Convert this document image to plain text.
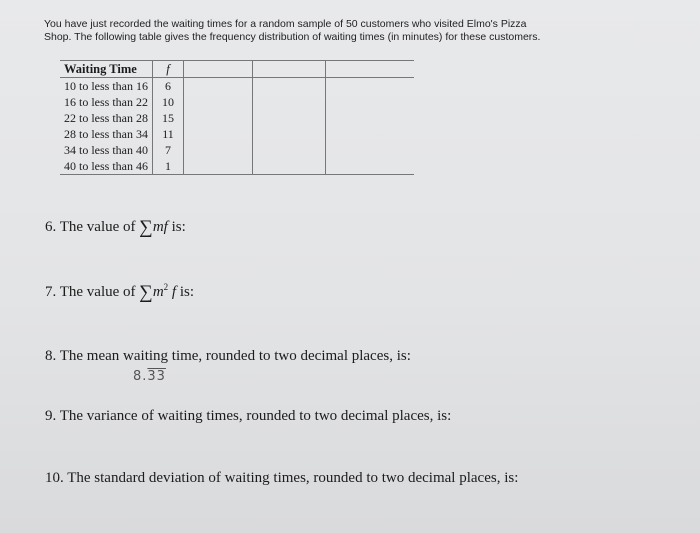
You have just recorded the waiting times for a random sample of 50 customers who visited Elmo's Pizza
Shop. The following table gives the frequency distribution of waiting times (in minutes) for these customers.
Waiting Time	f			
10 to less than 16	6			
16 to less than 22	10			
22 to less than 28	15			
28 to less than 34	11			
34 to less than 40	7			
40 to less than 46	1			
6. The value of ∑mf is:
7. The value of $\sum m^2$ f is:
8. The mean waiting time, rounded to two decimal places, is:
8.33
9. The variance of waiting times, rounded to two decimal places, is:
10. The standard deviation of waiting times, rounded to two decimal places, is:
